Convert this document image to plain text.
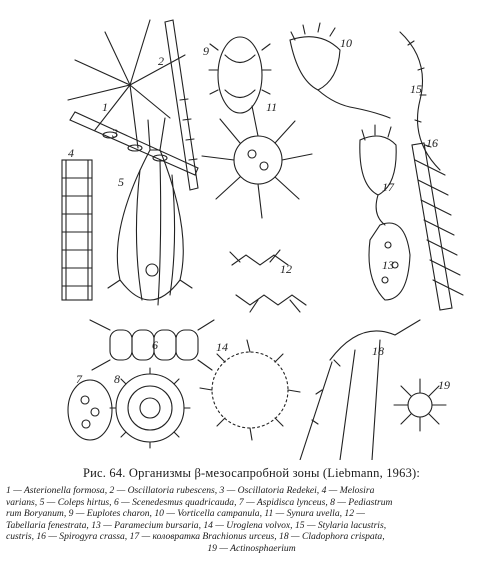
1
2
3
4
5
6
7	8
9
10
11
12	13
14
15
16
17
18
19
Рис. 64. Организмы β-мезосапробной зоны (Liebmann, 1963):
1 — Asterionella formosa, 2 — Oscillatoria rubescens, 3 — Oscillatoria Redekei, 4 — Melosira
varians, 5 — Coleps hirtus, 6 — Scenedesmus quadricauda, 7 — Aspidisca lynceus, 8 — Pediastrum
rum Boryanum, 9 — Euplotes charon, 10 — Vorticella campanula, 11 — Synura uvella, 12 —
Tabellaria fenestrata, 13 — Paramecium bursaria, 14 — Uroglena volvox, 15 — Stylaria lacustris,
custris, 16 — Spirogyra crassa, 17 — коловратка Brachionus urceus, 18 — Cladophora crispata,
19 — Actinosphaerium
